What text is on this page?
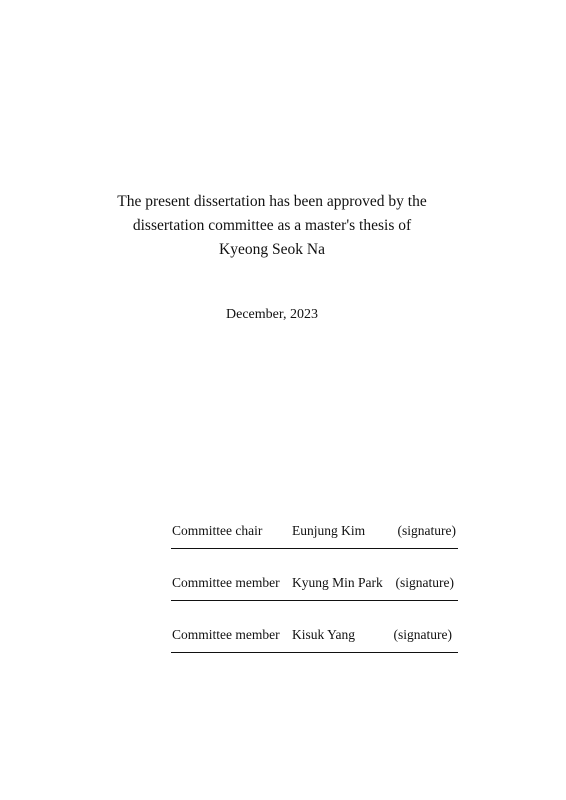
The present dissertation has been approved by the
dissertation committee as a master's thesis of
Kyeong Seok Na
December, 2023
Committee chair Eunjung Kim (signature)
Committee member Kyung Min Park (signature)
Committee member Kisuk Yang	(signature)
